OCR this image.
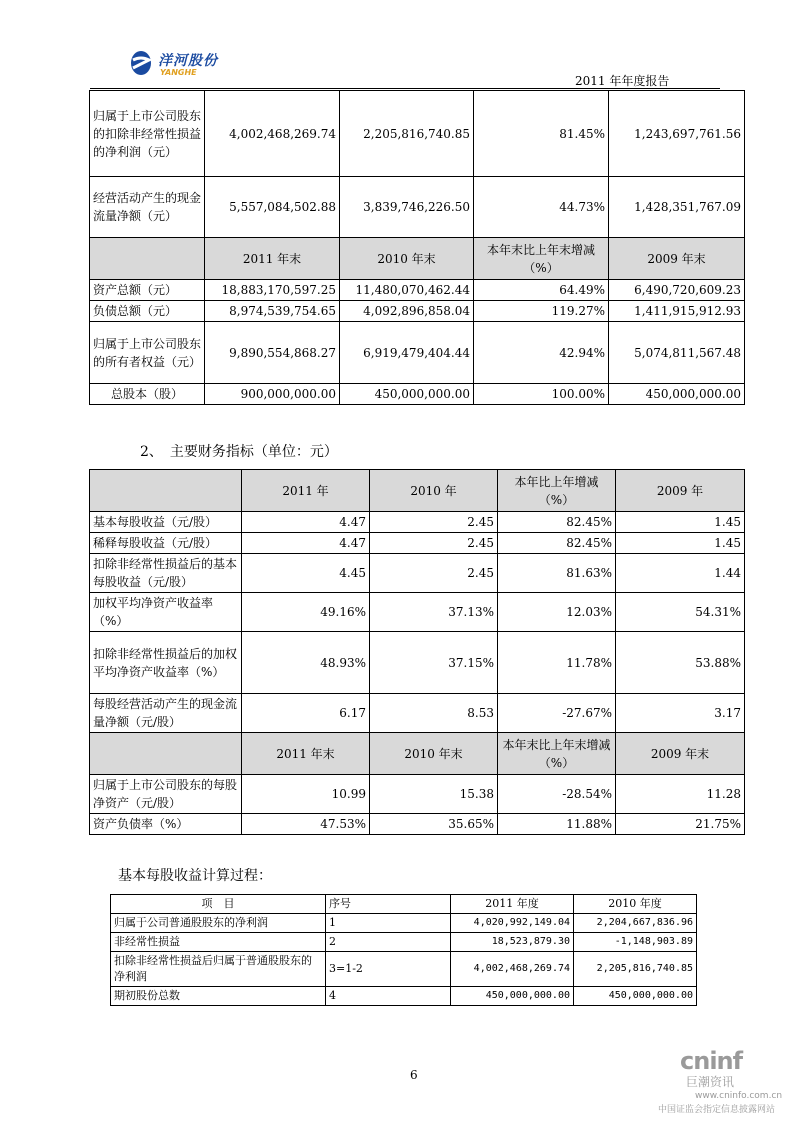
洋河股份
YANGHE
2011 年年度报告
归属于上市公司股东的扣除非经常性损益的净利润（元）	4,002,468,269.74	2,205,816,740.85	81.45%	1,243,697,761.56
经营活动产生的现金流量净额（元）	5,557,084,502.88	3,839,746,226.50	44.73%	1,428,351,767.09
	2011 年末	2010 年末	本年末比上年末增减（%）	2009 年末
资产总额（元）	18,883,170,597.25	11,480,070,462.44	64.49%	6,490,720,609.23
负债总额（元）	8,974,539,754.65	4,092,896,858.04	119.27%	1,411,915,912.93
归属于上市公司股东的所有者权益（元）	9,890,554,868.27	6,919,479,404.44	42.94%	5,074,811,567.48
总股本（股）	900,000,000.00	450,000,000.00	100.00%	450,000,000.00
2、　主要财务指标（单位：元）
	2011 年	2010 年	本年比上年增减（%）	2009 年
基本每股收益（元/股）	4.47	2.45	82.45%	1.45
稀释每股收益（元/股）	4.47	2.45	82.45%	1.45
扣除非经常性损益后的基本每股收益（元/股）	4.45	2.45	81.63%	1.44
加权平均净资产收益率（%）	49.16%	37.13%	12.03%	54.31%
扣除非经常性损益后的加权平均净资产收益率（%）	48.93%	37.15%	11.78%	53.88%
每股经营活动产生的现金流量净额（元/股）	6.17	8.53	-27.67%	3.17
	2011 年末	2010 年末	本年末比上年末增减（%）	2009 年末
归属于上市公司股东的每股净资产（元/股）	10.99	15.38	-28.54%	11.28
资产负债率（%）	47.53%	35.65%	11.88%	21.75%
基本每股收益计算过程：
项　目	序号	2011 年度	2010 年度
归属于公司普通股股东的净利润	1	4,020,992,149.04	2,204,667,836.96
非经常性损益	2	18,523,879.30	-1,148,903.89
扣除非经常性损益后归属于普通股股东的净利润	3=1-2	4,002,468,269.74	2,205,816,740.85
期初股份总数	4	450,000,000.00	450,000,000.00
6	cninf
巨潮资讯
www.cninfo.com.cn
中国证监会指定信息披露网站
